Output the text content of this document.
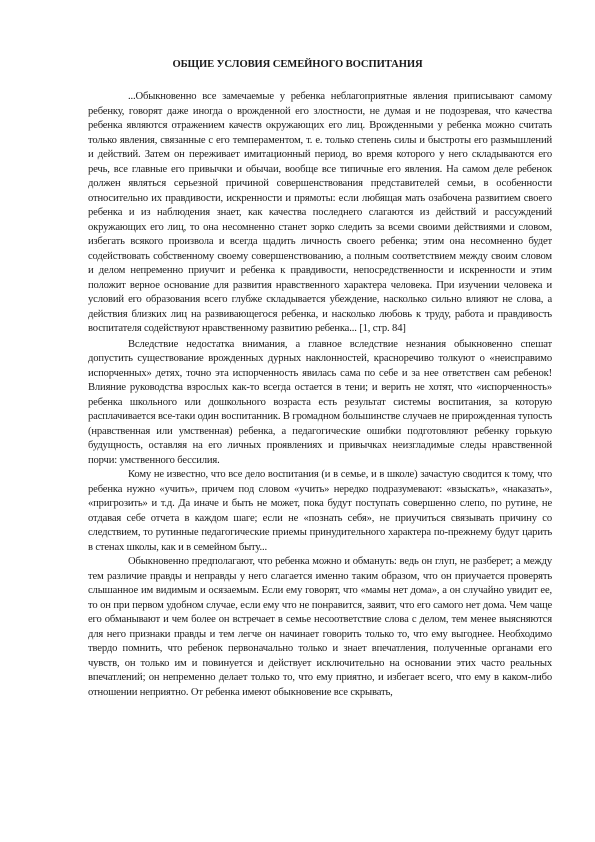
ОБЩИЕ УСЛОВИЯ СЕМЕЙНОГО ВОСПИТАНИЯ

...Обыкновенно все замечаемые у ребенка неблагоприятные явления приписывают самому ребенку, говорят даже иногда о врожденной его злостности, не думая и не подозревая, что качества ребенка являются отражением качеств окружающих его лиц. Врожденными у ребенка можно считать только явления, связанные с его темпераментом, т. е. только степень силы и быстроты его размышлений и действий. Затем он переживает имитационный период, во время которого у него складываются его речь, все главные его привычки и обычаи, вообще все типичные его явления. На самом деле ребенок должен являться серьезной причиной совершенствования представителей семьи, в особенности относительно их правдивости, искренности и прямоты: если любящая мать озабочена развитием своего ребенка и из наблюдения знает, как качества последнего слагаются из действий и рассуждений окружающих его лиц, то она несомненно станет зорко следить за всеми своими действиями и словом, избегать всякого произвола и всегда щадить личность своего ребенка; этим она несомненно будет содействовать собственному своему совершенствованию, а полным соответствием между своим словом и делом непременно приучит и ребенка к правдивости, непосредственности и искренности и этим положит верное основание для развития нравственного характера человека. При изучении человека и условий его образования всего глубже складывается убеждение, насколько сильно влияют не слова, а действия близких лиц на развивающегося ребенка, и насколько любовь к труду, работа и правдивость воспитателя содействуют нравственному развитию ребенка... [1, стр. 84]

Вследствие недостатка внимания, а главное вследствие незнания обыкновенно спешат допустить существование врожденных дурных наклонностей, красноречиво толкуют о «неисправимо испорченных» детях, точно эта испорченность явилась сама по себе и за нее ответствен сам ребенок! Влияние руководства взрослых как-то всегда остается в тени; и верить не хотят, что «испорченность» ребенка школьного или дошкольного возраста есть результат системы воспитания, за которую расплачивается все-таки один воспитанник. В громадном большинстве случаев не прирожденная тупость (нравственная или умственная) ребенка, а педагогические ошибки подготовляют ребенку горькую будущность, оставляя на его личных проявлениях и привычках неизгладимые следы нравственной порчи: умственного бессилия.

Кому не известно, что все дело воспитания (и в семье, и в школе) зачастую сводится к тому, что ребенка нужно «учить», причем под словом «учить» нередко подразумевают: «взыскать», «наказать», «пригрозить» и т.д. Да иначе и быть не может, пока будут поступать совершенно слепо, по рутине, не отдавая себе отчета в каждом шаге; если не «познать себя», не приучиться связывать причину со следствием, то рутинные педагогические приемы принудительного характера по-прежнему будут царить в стенах школы, как и в семейном быту...

Обыкновенно предполагают, что ребенка можно и обмануть: ведь он глуп, не разберет; а между тем различие правды и неправды у него слагается именно таким образом, что он приучается проверять слышанное им видимым и осязаемым. Если ему говорят, что «мамы нет дома», а он случайно увидит ее, то он при первом удобном случае, если ему что не понравится, заявит, что его самого нет дома. Чем чаще его обманывают и чем более он встречает в семье несоответствие слова с делом, тем менее выясняются для него признаки правды и тем легче он начинает говорить только то, что ему выгоднее. Необходимо твердо помнить, что ребенок первоначально только и знает впечатления, полученные органами его чувств, он только им и повинуется и действует исключительно на основании этих часто реальных впечатлений; он непременно делает только то, что ему приятно, и избегает всего, что ему в каком-либо отношении неприятно. От ребенка имеют обыкновение все скрывать,
